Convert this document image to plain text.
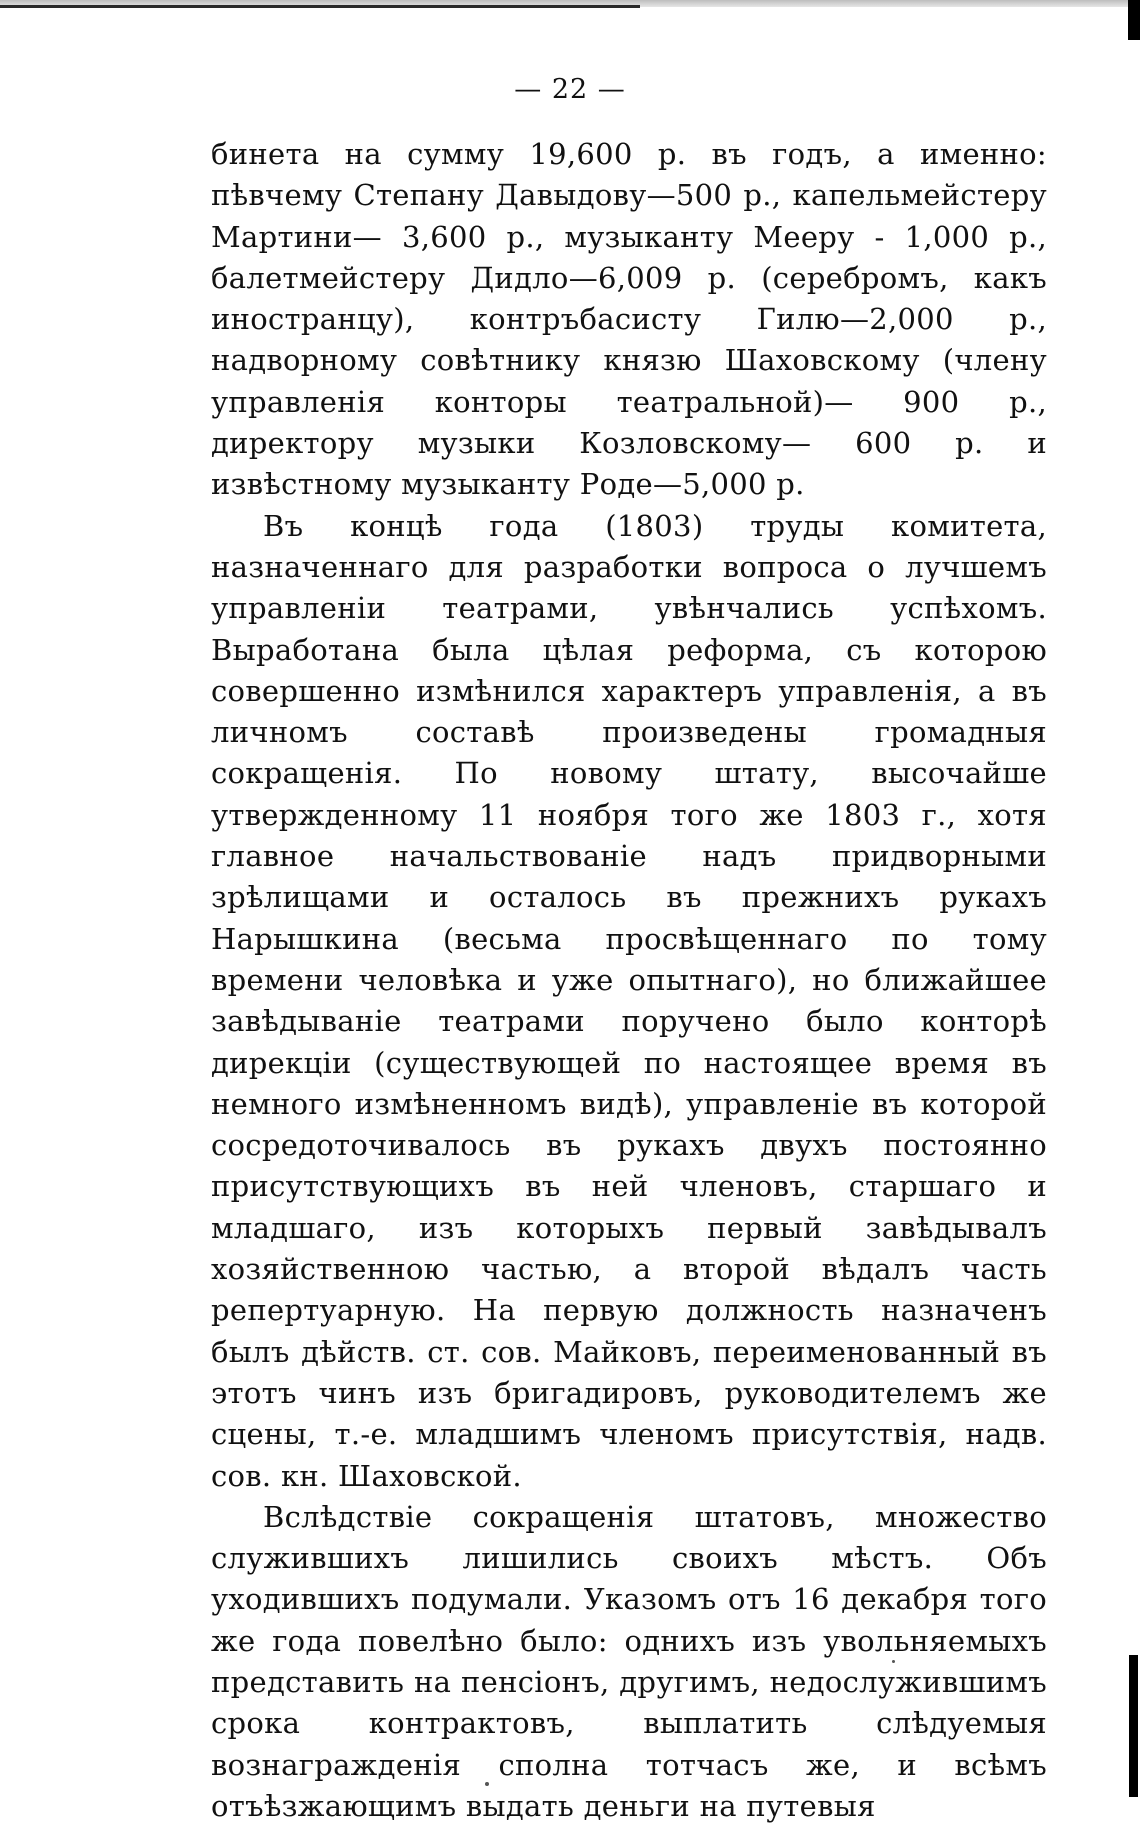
— 22 —

бинета на сумму 19,600 р. въ годъ, а именно: пѣвчему Степану Давыдову—500 р., капельмейстеру Мартини— 3,600 р., музыканту Мееру - 1,000 р., балетмейстеру Дидло—6,009 р. (серебромъ, какъ иностранцу), контръбасисту Гилю—2,000 р., надворному совѣтнику князю Шаховскому (члену управленія конторы театральной)— 900 р., директору музыки Козловскому— 600 р. и извѣстному музыканту Роде—5,000 р.

Въ концѣ года (1803) труды комитета, назначеннаго для разработки вопроса о лучшемъ управленіи театрами, увѣнчались успѣхомъ. Выработана была цѣлая реформа, съ которою совершенно измѣнился характеръ управленія, а въ личномъ составѣ произведены громадныя сокращенія. По новому штату, высочайше утвержденному 11 ноября того же 1803 г., хотя главное начальствованіе надъ придворными зрѣлищами и осталось въ прежнихъ рукахъ Нарышкина (весьма просвѣщеннаго по тому времени человѣка и уже опытнаго), но ближайшее завѣдываніе театрами поручено было конторѣ дирекціи (существующей по настоящее время въ немного измѣненномъ видѣ), управленіе въ которой сосредоточивалось въ рукахъ двухъ постоянно присутствующихъ въ ней членовъ, старшаго и младшаго, изъ которыхъ первый завѣдывалъ хозяйственною частью, а второй вѣдалъ часть репертуарную. На первую должность назначенъ былъ дѣйств. ст. сов. Майковъ, переименованный въ этотъ чинъ изъ бригадировъ, руководителемъ же сцены, т.-е. младшимъ членомъ присутствія, надв. сов. кн. Шаховской.

Вслѣдствіе сокращенія штатовъ, множество служившихъ лишились своихъ мѣстъ. Объ уходившихъ подумали. Указомъ отъ 16 декабря того же года повелѣно было: однихъ изъ увольняемыхъ представить на пенсіонъ, другимъ, недослужившимъ срока контрактовъ, выплатить слѣдуемыя вознагражденія сполна тотчасъ же, и всѣмъ отъѣзжающимъ выдать деньги на путевыя
